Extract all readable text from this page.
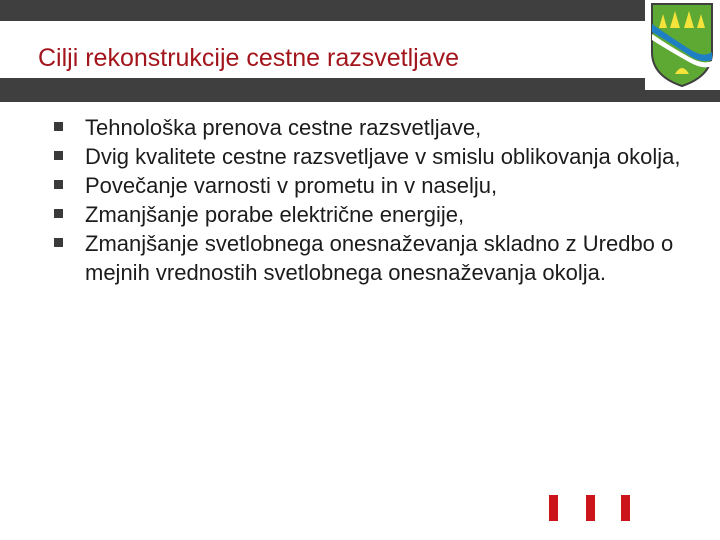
Cilji rekonstrukcije cestne razsvetljave
Tehnološka prenova cestne razsvetljave,
Dvig kvalitete cestne razsvetljave v smislu oblikovanja okolja,
Povečanje varnosti v prometu in v naselju,
Zmanjšanje porabe električne energije,
Zmanjšanje svetlobnega onesnaževanja skladno z Uredbo o mejnih vrednostih svetlobnega onesnaževanja okolja.
